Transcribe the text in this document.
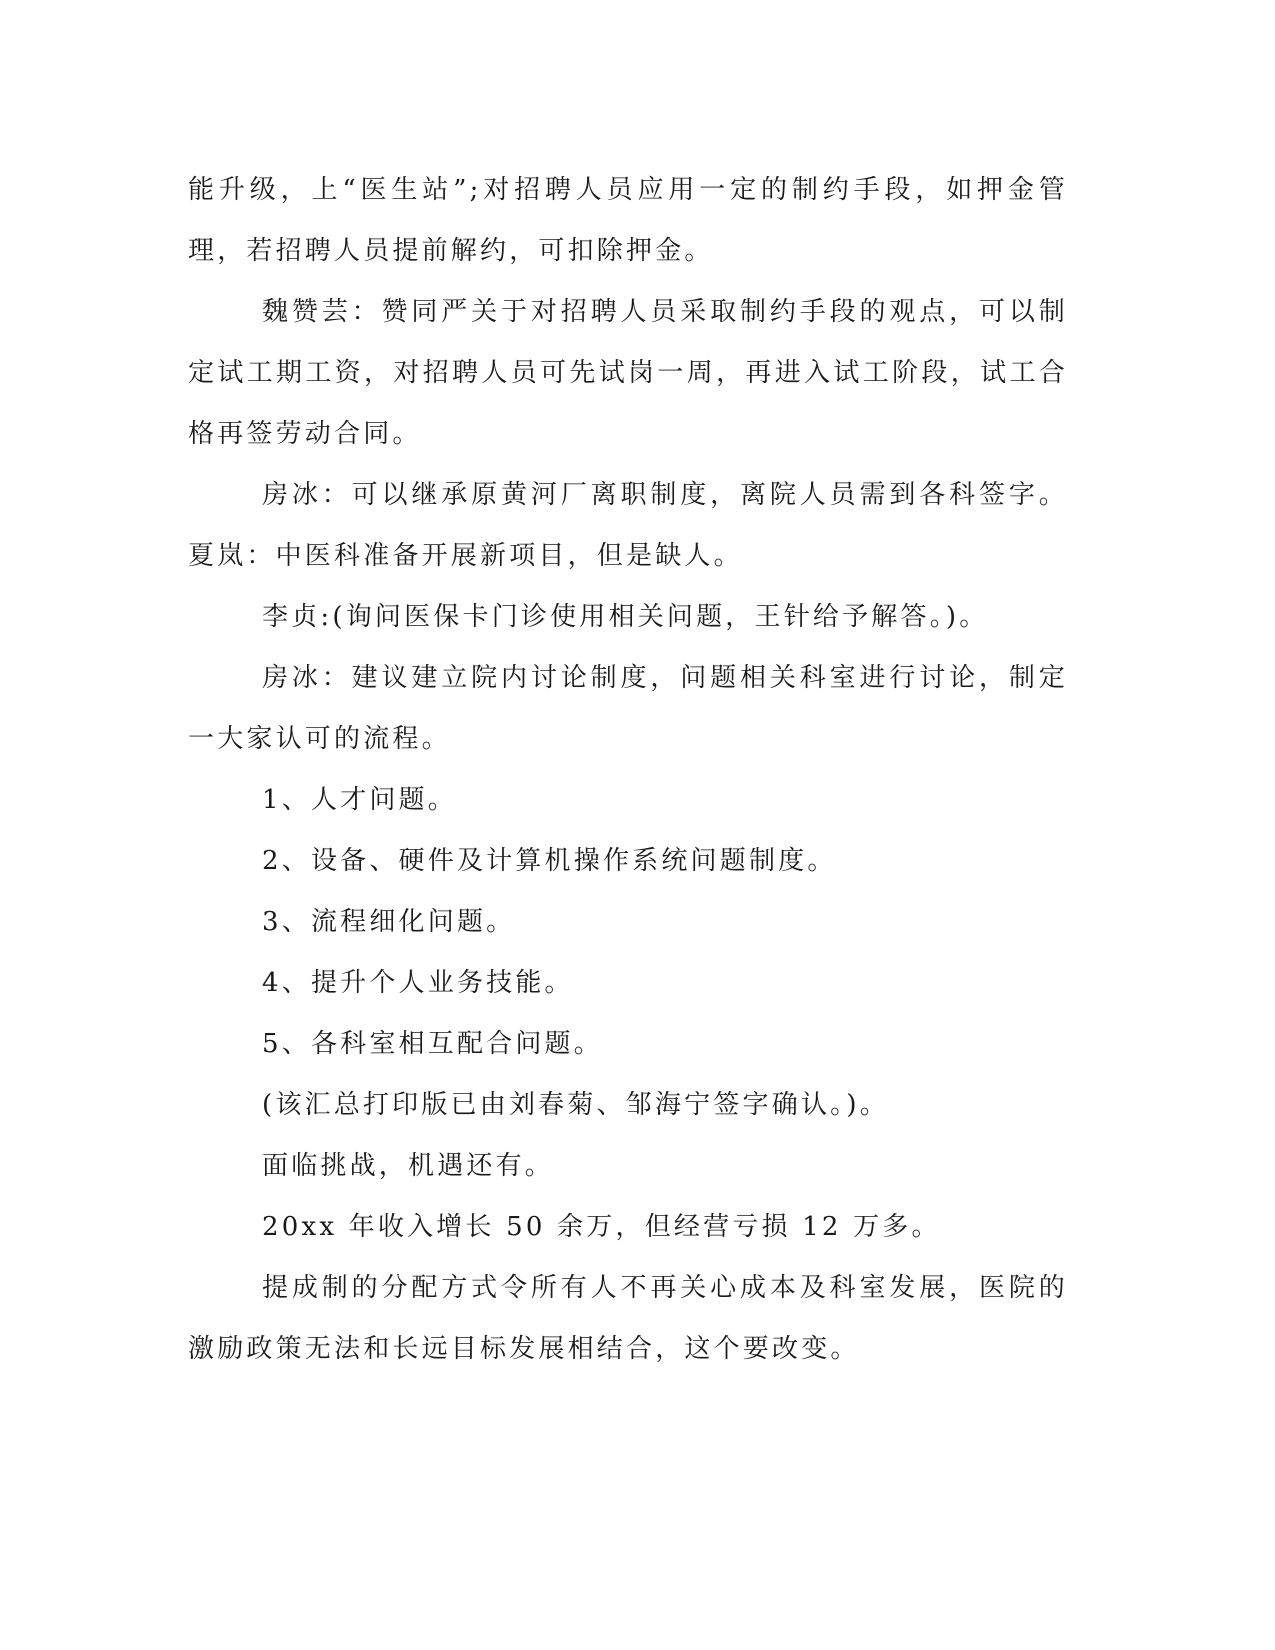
能升级，上“医生站”;对招聘人员应用一定的制约手段，如押金管理，若招聘人员提前解约，可扣除押金。

魏赞芸：赞同严关于对招聘人员采取制约手段的观点，可以制定试工期工资，对招聘人员可先试岗一周，再进入试工阶段，试工合格再签劳动合同。

房冰：可以继承原黄河厂离职制度，离院人员需到各科签字。夏岚：中医科准备开展新项目，但是缺人。

李贞:(询问医保卡门诊使用相关问题，王针给予解答。)。

房冰：建议建立院内讨论制度，问题相关科室进行讨论，制定一大家认可的流程。

1、人才问题。

2、设备、硬件及计算机操作系统问题制度。

3、流程细化问题。

4、提升个人业务技能。

5、各科室相互配合问题。

(该汇总打印版已由刘春菊、邹海宁签字确认。)。

面临挑战，机遇还有。

20xx 年收入增长 50 余万，但经营亏损 12 万多。

提成制的分配方式令所有人不再关心成本及科室发展，医院的激励政策无法和长远目标发展相结合，这个要改变。
